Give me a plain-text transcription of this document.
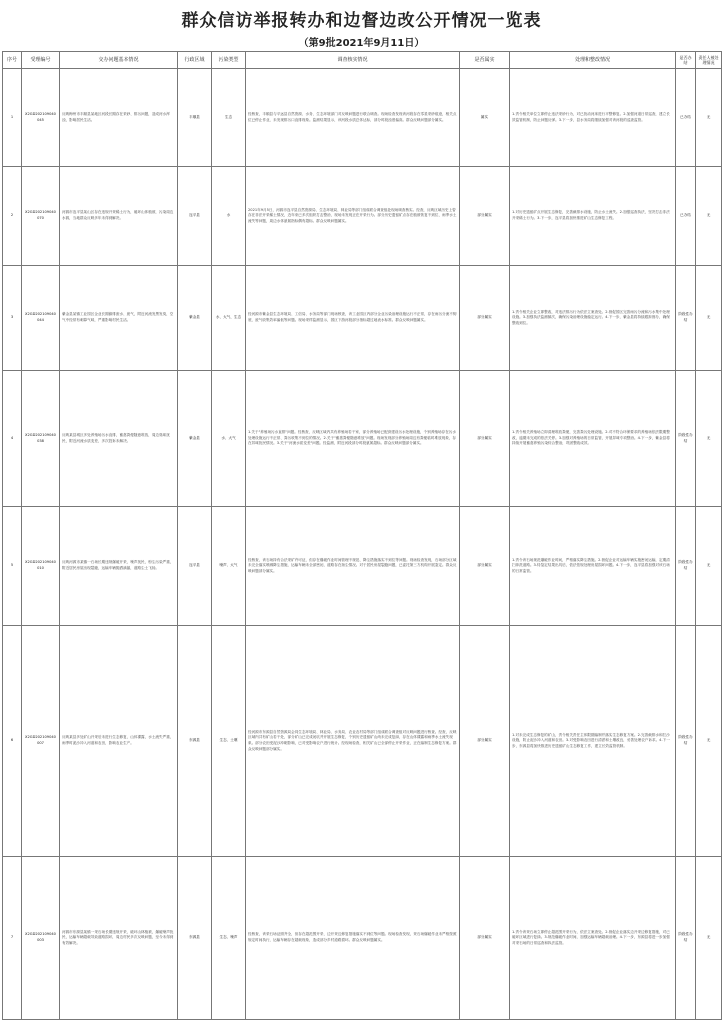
群众信访举报转办和边督边改公开情况一览表
（第9批2021年9月11日）
序号	受理编号	交办问题基本情况	行政区域	污染类型	调查核实情况	是否属实	处理和整改情况	是否办结	责任人被处理情况
1	X2GD202109040045	反映梅州市丰顺县某地区河段长期存在采砂、排污问题，造成河水浑浊，影响居民生活。	丰顺县	生态	经核查，丰顺县与平远县自然资源、水务、生态环境部门对反映问题进行联合调查。现场检查发现该河段存在零星采砂痕迹，相关点位已停止作业，未发现排污口直排现象。监测结果显示，该河段水质总体达标，部分时段浊度偏高。群众反映问题部分属实。	属实	1.责令相关单位立即停止违法采砂行为，对已扰动河床进行平整修复。2.加强河道日常巡查，建立长效监管机制，防止问题反弹。3.下一步，县水务局将继续加强对该河段的巡查监管。	已办结	无
2	X2GD202109040070	河源市连平县某山区存在违规开采稀土行为，破坏山体植被，污染周边水源，当地群众反映多年未得到解决。	连平县	水	2021年9月5日，河源市连平县自然资源局、生态环境局、林业局等部门组成联合调查组赴现场调查核实。经查，反映区域历史上曾存在非法开采稀土情况，近年来已多次组织打击整治，现场未发现正在开采行为。部分历史遗留矿点存在植被恢复不到位、雨季水土流失等问题，周边水体氨氮指标偶有超标。群众反映问题属实。	部分属实	1.对历史遗留矿点开展生态修复，完善截排水设施，防止水土流失。2.加强巡查执法，坚决打击非法开采稀土行为。3.下一步，连平县将加快推进矿山生态修复工程。	已办结	无
3	X2GD202109040044	紫金县某镇工业园区企业长期偷排废水、废气，附近河流发黑发臭，空气中经常有刺鼻气味，严重影响村民生活。	紫金县	水、大气、生态	经河源市紫金县生态环境局、工信局、水务局等部门现场核查，该工业园区内部分企业污染治理设施运行不正常，存在雨污分流不彻底、废气收集效率偏低等问题。现场采样监测显示，园区下游河段部分指标超过地表水标准。群众反映问题属实。	部分属实	1.责令相关企业立即整改，对违法排污行为依法立案查处。2.督促园区完善雨污分流和污水集中处理设施。3.加强执法监测频次，确保污染治理设施稳定运行。4.下一步，紫金县将持续跟踪督办，确保整改到位。	阶段性办结	无
4	X2GD202109040038	反映某县城区多处养殖场污水直排，畜禽粪便随意堆放，周边臭味扰民，附近河流水质变差，多次投诉未解决。	紫金县	水、大气	1.关于"养殖场污水直排"问题。经核查，反映区域内共有养殖场若干家，部分养殖场已配套建设污水处理设施，个别养殖场存在污水处理设施运行不正常、粪污收集不到位的情况。2.关于"畜禽粪便随意堆放"问题。现场发现部分养殖场周边有粪便临时堆放现象，存在异味扰民情况。3.关于"河流水质变差"问题。经监测，附近河段部分时段氨氮超标。群众反映问题部分属实。	部分属实	1.责令相关养殖场立即清理堆放粪便，完善粪污处理设施。2.对不符合环保要求的养殖场依法限期整改，逾期未完成的依法关停。3.加强对养殖场的日常监管，开展异味专项整治。4.下一步，紫金县将持续开展畜禽养殖污染综合整治，巩固整改成效。	阶段性办结	无
5	X2GD202109040010	反映河源市某镇一石场长期违规爆破开采，噪声扰民，粉尘污染严重，附近居民房屋出现裂缝，运输车辆抛洒滴漏，道路尘土飞扬。	连平县	噪声、大气	经核查，该石场持有合法采矿许可证，但存在爆破作业时间管理不规范、降尘措施落实不到位等问题。现场检查发现，石场部分区域未完全落实喷淋降尘措施，运输车辆未全部密闭，道路存在扬尘情况。对于居民房屋裂缝问题，已委托第三方机构开展鉴定。群众反映问题部分属实。	部分属实	1.责令该石场规范爆破作业时间，严格落实降尘措施。2.督促企业对运输车辆实施密闭运输，定期清扫冲洗道路。3.待鉴定结果出具后，依法依规处理房屋损坏问题。4.下一步，连平县将加强对该石场的日常监管。	阶段性办结	无
6	X2GD202109040007	反映某县多处矿山开采后未进行生态修复，山体裸露，水土流失严重，雨季时泥沙冲入河道和农田，影响农业生产。	东源县	生态、土壤	经河源市东源县自然资源局会同生态环境局、林业局、水务局、农业农村局等部门组成联合调查组对反映问题进行核查。经查，反映区域内共有矿山若干处，部分矿山已完成闭坑并开展生态修复，个别历史遗留矿山尚未完成复绿，存在山体裸露和雨季水土流失现象。部分农田受泥沙冲刷影响，已对受影响农户进行统计。经现场检查，相关矿山已全部停止开采作业，正在编制生态修复方案。群众反映问题部分属实。	部分属实	1.对未完成生态修复的矿山，责令相关责任主体限期编制并落实生态修复方案。2.完善截排水和拦沙设施，防止泥沙冲入河道和农田。3.对受影响农田进行清淤和土壤改良，妥善处理农户诉求。4.下一步，东源县将加快推进历史遗留矿山生态修复工作，建立长效监管机制。	阶段性办结	无
7	X2GD202109040003	河源市东源县某镇一采石场长期违规开采，破坏山林植被，爆破噪声扰民，运输车辆超载导致道路损坏，周边村民多次反映问题，至今未得到有效解决。	东源县	生态、噪声	经核查，该采石场证照齐全，但存在超范围开采、边开采边修复措施落实不到位等问题。现场检查发现，采石场爆破作业未严格按照规定时间执行，运输车辆存在超载现象，造成部分乡村道路损坏。群众反映问题属实。	部分属实	1.责令该采石场立即停止超范围开采行为，依法立案查处。2.督促企业落实边开采边修复措施，对已破坏区域进行复绿。3.规范爆破作业时间，加强运输车辆超载治理。4.下一步，东源县将进一步加强对采石场的日常巡查和执法监管。	阶段性办结	无
